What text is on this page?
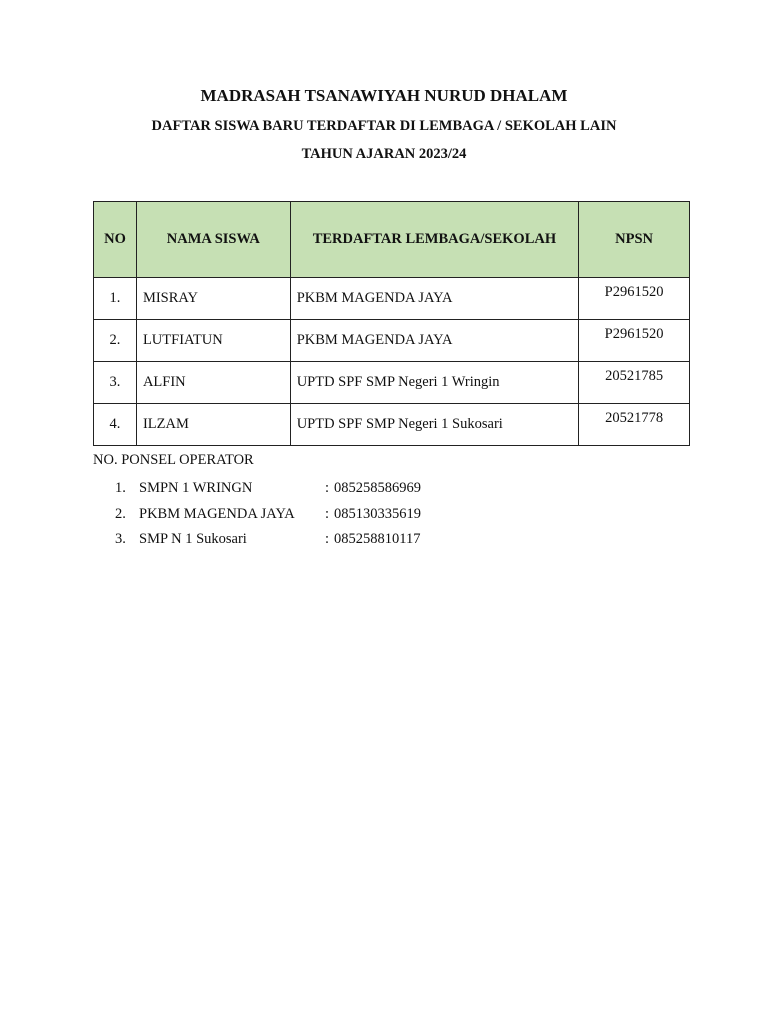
MADRASAH TSANAWIYAH NURUD DHALAM
DAFTAR SISWA BARU TERDAFTAR DI LEMBAGA / SEKOLAH LAIN
TAHUN AJARAN 2023/24
NO	NAMA SISWA	TERDAFTAR LEMBAGA/SEKOLAH	NPSN
1.	MISRAY	PKBM MAGENDA JAYA	P2961520
2.	LUTFIATUN	PKBM MAGENDA JAYA	P2961520
3.	ALFIN	UPTD SPF SMP Negeri 1 Wringin	20521785
4.	ILZAM	UPTD SPF SMP Negeri 1 Sukosari	20521778

NO. PONSEL OPERATOR

1. SMPN 1 WRINGN	: 085258586969
2. PKBM MAGENDA JAYA : 085130335619
3. SMP N 1 Sukosari	: 085258810117
